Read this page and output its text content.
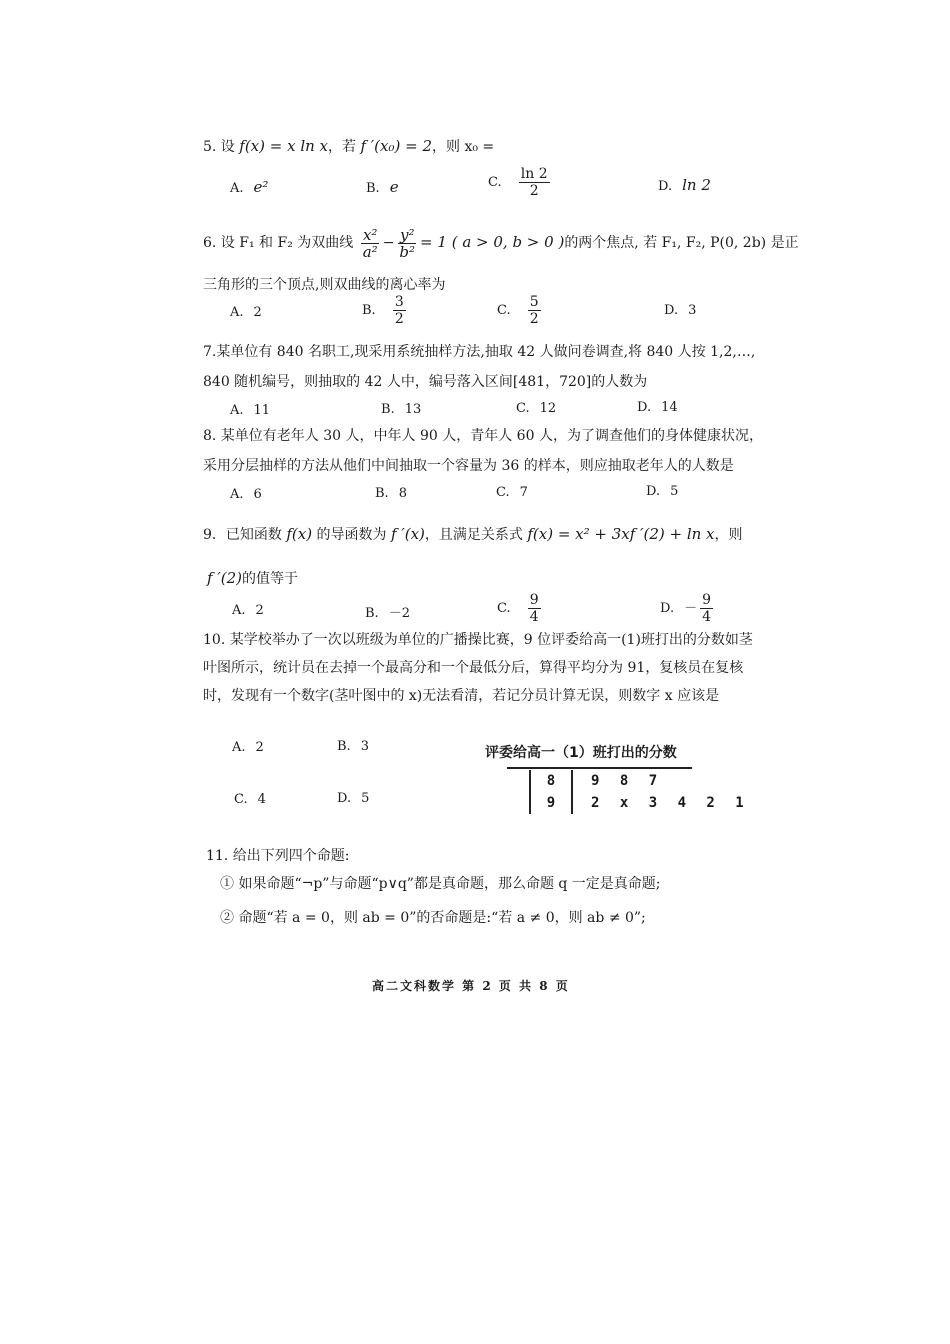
5. 设 f(x) = x ln x，若 f ′(x₀) = 2，则 x₀ =
A. e²	B. e	C. $\frac{\ln 2}{2}$	D. ln 2
6. 设 F₁ 和 F₂ 为双曲线 $\frac{\text{x²}}{\text{a²}} - \frac{\text{y²}}{\text{b²}} = 1$ ( a > 0, b > 0 )的两个焦点, 若 F₁, F₂, P(0, 2b) 是正
三角形的三个顶点,则双曲线的离心率为
A. 2	B. $\frac{3}{2}$	C. $\frac{5}{2}$	D. 3
7.某单位有 840 名职工,现采用系统抽样方法,抽取 42 人做问卷调查,将 840 人按 1,2,…,
840 随机编号，则抽取的 42 人中，编号落入区间[481，720]的人数为
A. 11	B. 13	C. 12	D. 14
8. 某单位有老年人 30 人，中年人 90 人，青年人 60 人，为了调查他们的身体健康状况，
采用分层抽样的方法从他们中间抽取一个容量为 36 的样本，则应抽取老年人的人数是
A. 6	B. 8	C. 7	D. 5
9．已知函数 f(x) 的导函数为 f ′(x)，且满足关系式 f(x) = x² + 3xf ′(2) + ln x，则
f ′(2)的值等于
A. 2	B. －2	C. $\frac{9}{4}$	D. － $\frac{9}{4}$
10. 某学校举办了一次以班级为单位的广播操比赛，9 位评委给高一(1)班打出的分数如茎
叶图所示，统计员在去掉一个最高分和一个最低分后，算得平均分为 91，复核员在复核
时，发现有一个数字(茎叶图中的 x)无法看清，若记分员计算无误，则数字 x 应该是
A. 2	B. 3
C. 4	D. 5
评委给高一（1）班打出的分数
	8	9 8 7
	9	2 x 3 4 2 1
11. 给出下列四个命题:
① 如果命题“¬p”与命题“p∨q”都是真命题，那么命题 q 一定是真命题;
② 命题“若 a = 0，则 ab = 0”的否命题是:“若 a ≠ 0，则 ab ≠ 0”;
高二文科数学 第 2 页 共 8 页
